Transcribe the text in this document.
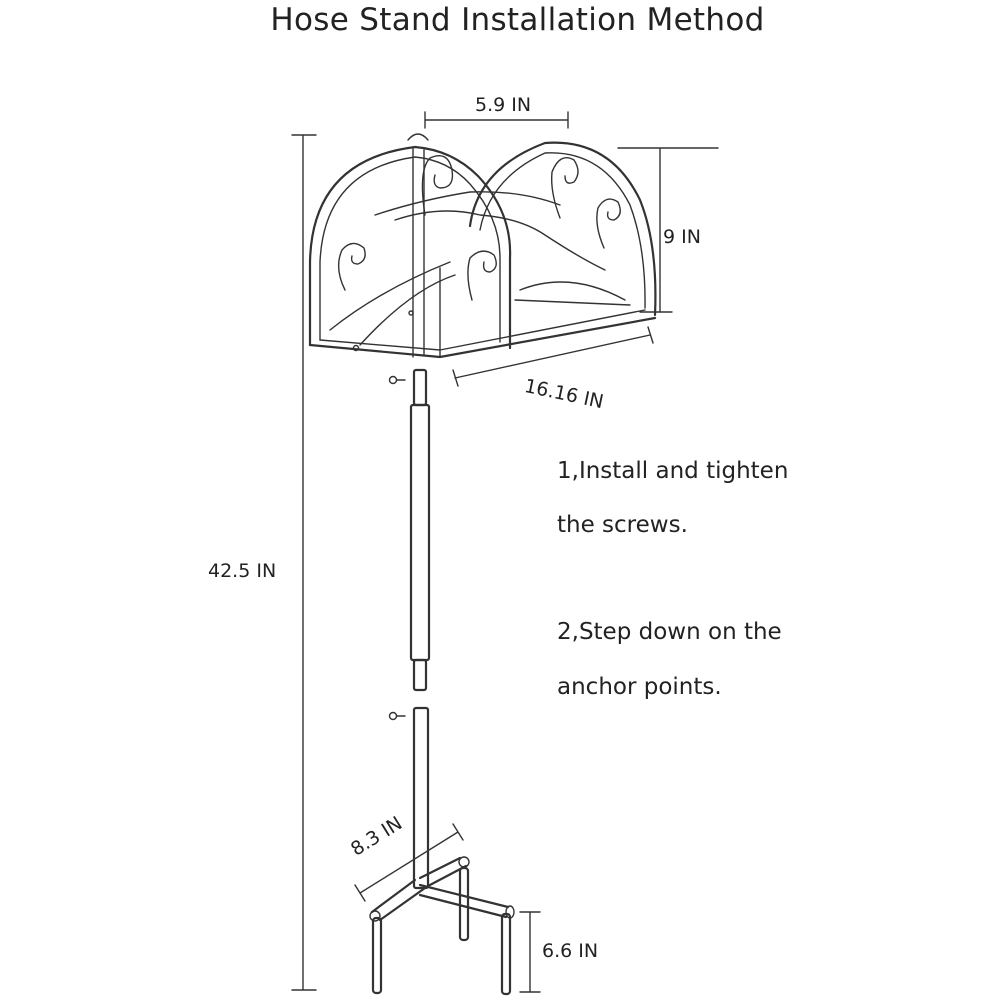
Hose Stand Installation Method

5.9 IN

9 IN

16.16 IN

42.5 IN

8.3 IN

6.6 IN

1,Install and tighten

the screws.

2,Step down on the

anchor points.
